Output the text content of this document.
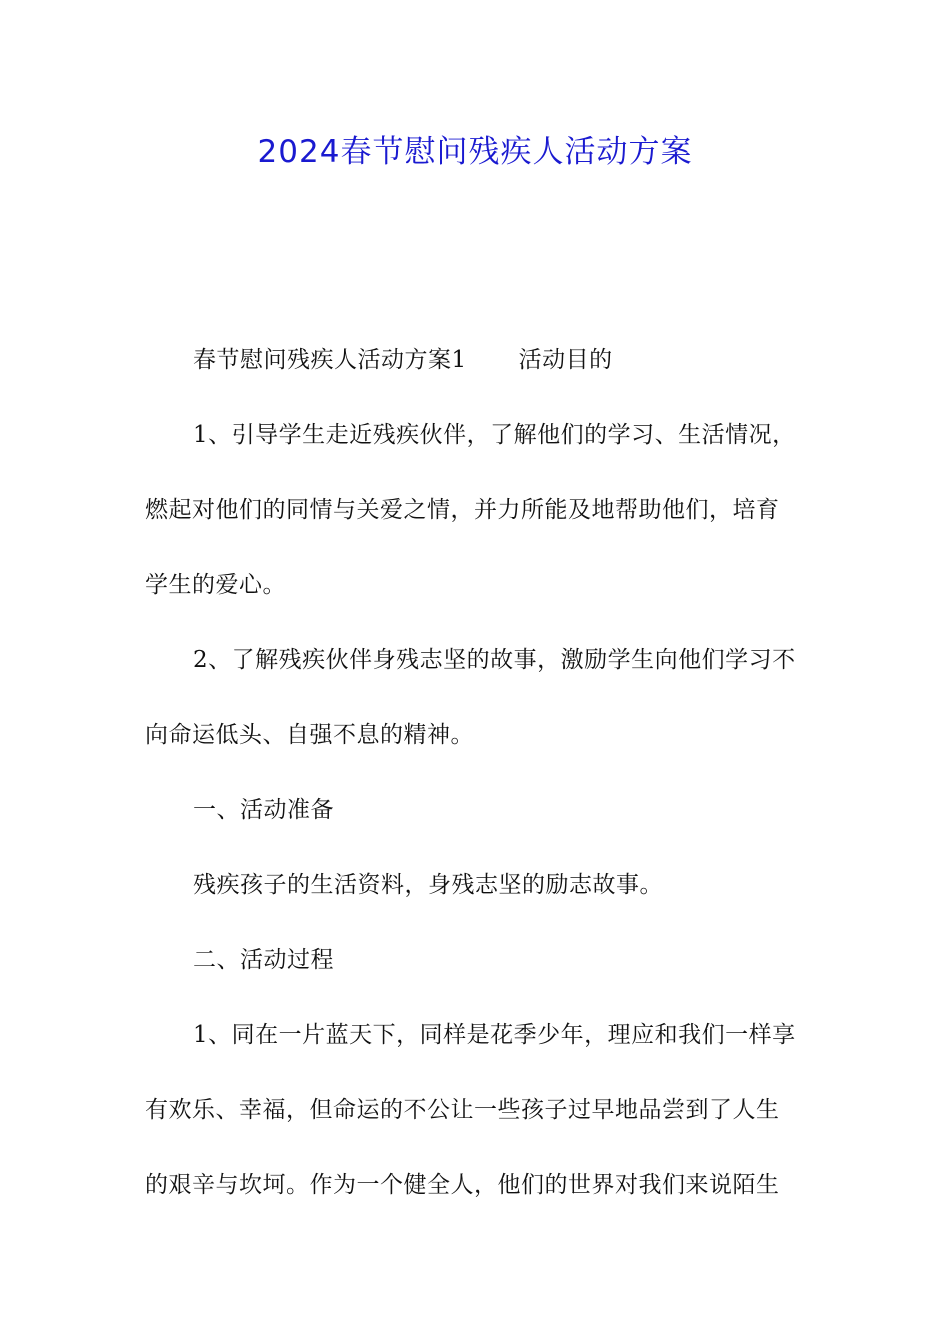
2024春节慰问残疾人活动方案
春节慰问残疾人活动方案1 活动目的
1、引导学生走近残疾伙伴，了解他们的学习、生活情况，
燃起对他们的同情与关爱之情，并力所能及地帮助他们，培育
学生的爱心。
2、了解残疾伙伴身残志坚的故事，激励学生向他们学习不
向命运低头、自强不息的精神。
一、活动准备
残疾孩子的生活资料，身残志坚的励志故事。
二、活动过程
1、同在一片蓝天下，同样是花季少年，理应和我们一样享
有欢乐、幸福，但命运的不公让一些孩子过早地品尝到了人生
的艰辛与坎坷。作为一个健全人，他们的世界对我们来说陌生
